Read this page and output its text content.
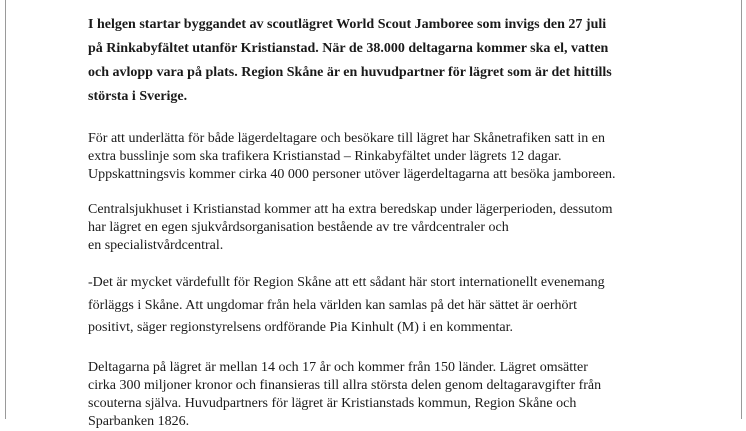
I helgen startar byggandet av scoutlägret World Scout Jamboree som invigs den 27 juli
på Rinkabyfältet utanför Kristianstad. När de 38.000 deltagarna kommer ska el, vatten
och avlopp vara på plats. Region Skåne är en huvudpartner för lägret som är det hittills
största i Sverige.

För att underlätta för både lägerdeltagare och besökare till lägret har Skånetrafiken satt in en
extra busslinje som ska trafikera Kristianstad – Rinkabyfältet under lägrets 12 dagar.
Uppskattningsvis kommer cirka 40 000 personer utöver lägerdeltagarna att besöka jamboreen.

Centralsjukhuset i Kristianstad kommer att ha extra beredskap under lägerperioden, dessutom
har lägret en egen sjukvårdsorganisation bestående av tre vårdcentraler och
en specialistvårdcentral.

-Det är mycket värdefullt för Region Skåne att ett sådant här stort internationellt evenemang
förläggs i Skåne. Att ungdomar från hela världen kan samlas på det här sättet är oerhört
positivt, säger regionstyrelsens ordförande Pia Kinhult (M) i en kommentar.

Deltagarna på lägret är mellan 14 och 17 år och kommer från 150 länder. Lägret omsätter
cirka 300 miljoner kronor och finansieras till allra största delen genom deltagaravgifter från
scouterna själva. Huvudpartners för lägret är Kristianstads kommun, Region Skåne och
Sparbanken 1826.
